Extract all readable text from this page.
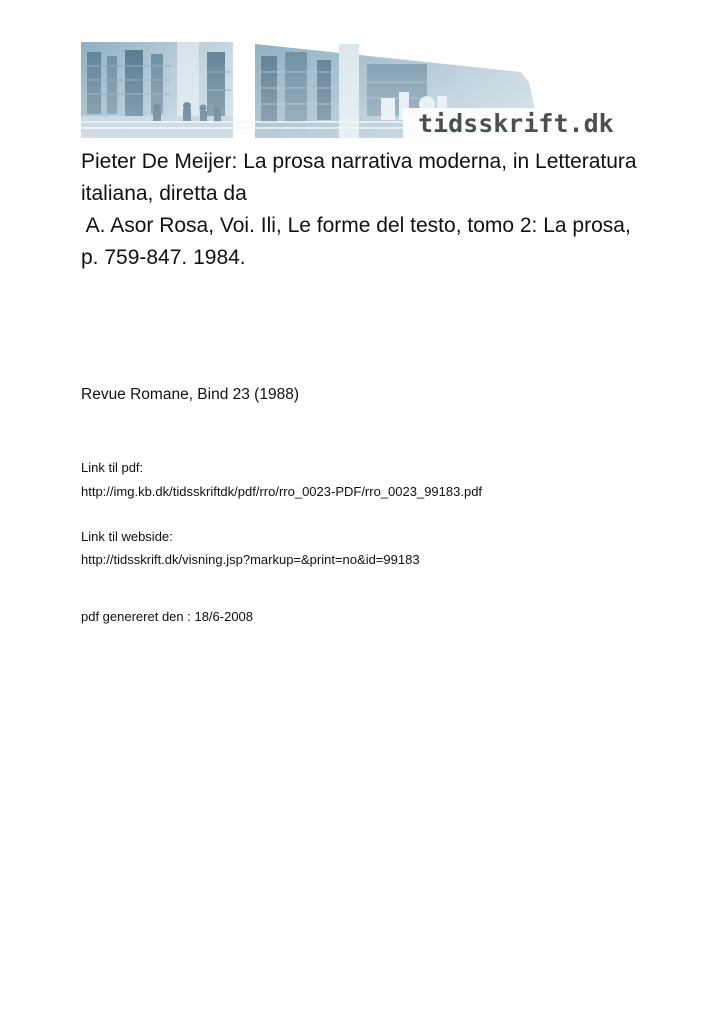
tidsskrift.dk
Pieter De Meijer: La prosa narrativa moderna, in Letteratura
italiana, diretta da
A. Asor Rosa, Voi. Ili, Le forme del testo, tomo 2: La prosa,
p. 759-847. 1984.
Revue Romane, Bind 23 (1988)
Link til pdf:
http://img.kb.dk/tidsskriftdk/pdf/rro/rro_0023-PDF/rro_0023_99183.pdf
Link til webside:
http://tidsskrift.dk/visning.jsp?markup=&print=no&id=99183
pdf genereret den : 18/6-2008
